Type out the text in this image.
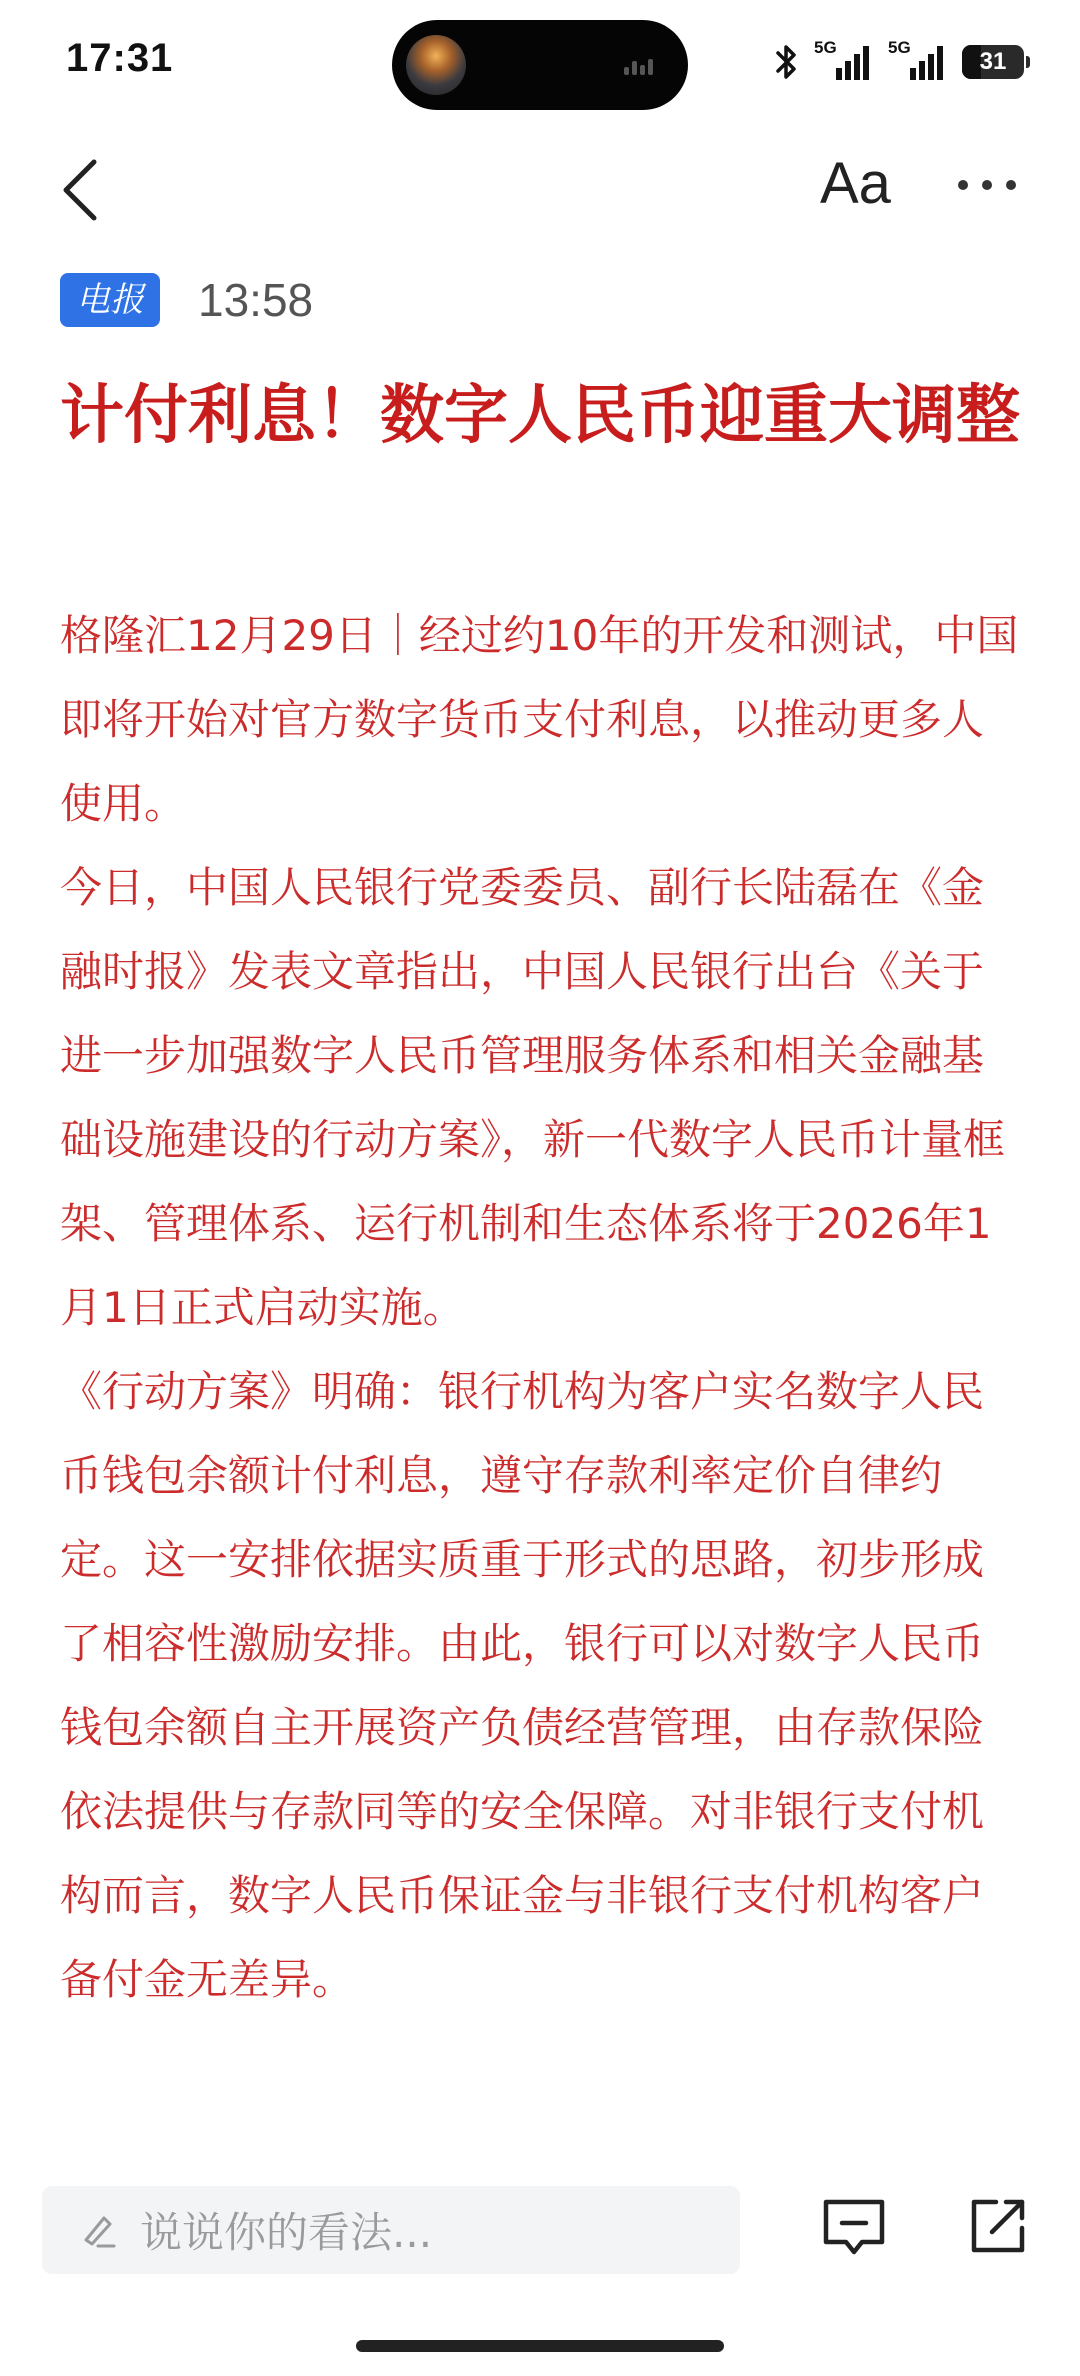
17:31	5G	5G
31
Aa
电报	13:58
计付利息！数字人民币迎重大调整

格隆汇12月29日｜经过约10年的开发和测试，中国即将开始对官方数字货币支付利息，以推动更多人使用。

今日，中国人民银行党委委员、副行长陆磊在《金融时报》发表文章指出，中国人民银行出台《关于进一步加强数字人民币管理服务体系和相关金融基础设施建设的行动方案》，新一代数字人民币计量框架、管理体系、运行机制和生态体系将于2026年1月1日正式启动实施。

《行动方案》明确：银行机构为客户实名数字人民币钱包余额计付利息，遵守存款利率定价自律约定。这一安排依据实质重于形式的思路，初步形成了相容性激励安排。由此，银行可以对数字人民币钱包余额自主开展资产负债经营管理，由存款保险依法提供与存款同等的安全保障。对非银行支付机构而言，数字人民币保证金与非银行支付机构客户备付金无差异。

说说你的看法...
